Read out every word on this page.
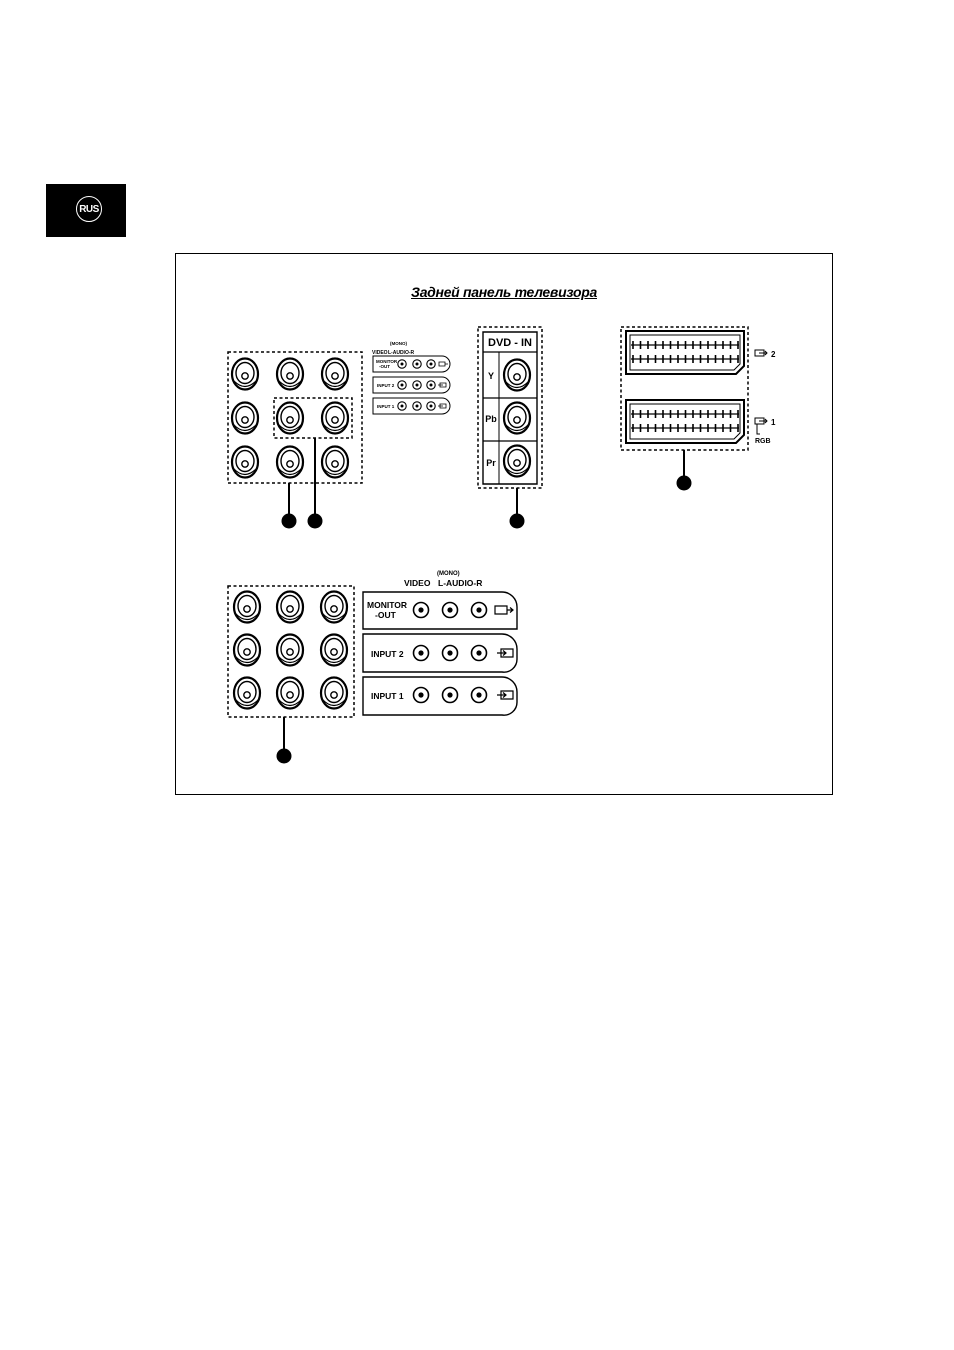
RUS
Задней панель телевизора
1 3
(MONO)
VIDEO L-AUDIO-R
MONITOR
-OUT
INPUT 2
INPUT 1
DVD - IN
Y
Pb
Pr
3
2
1
RGB
2
1
(MONO)
VIDEO L-AUDIO-R
MONITOR
-OUT
INPUT 2
INPUT 1
